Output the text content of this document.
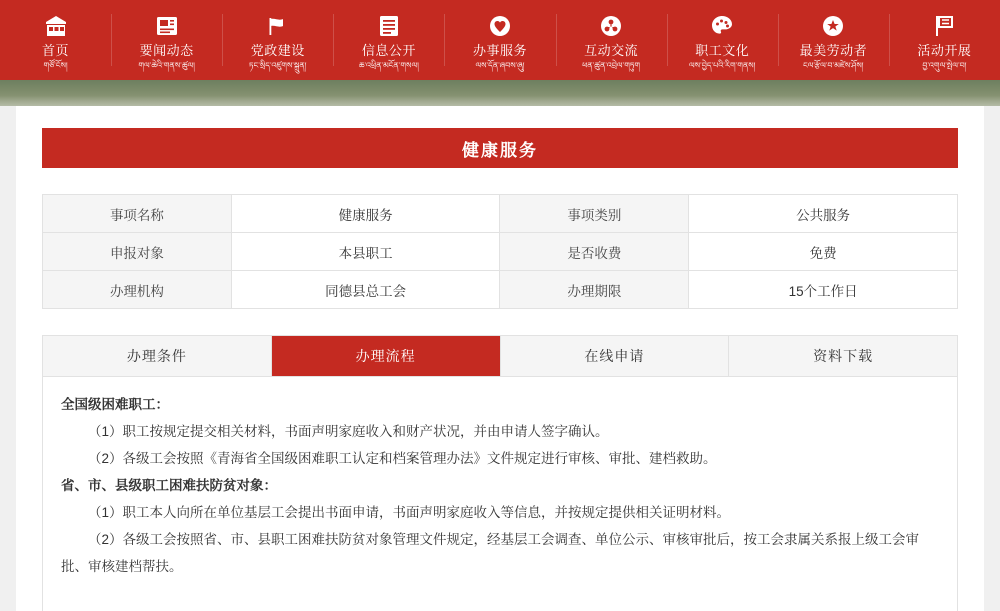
首页
གཙོ་ངོས།
要闻动态
གལ་ཆེའི་གནས་ཚུལ།
党政建设
ཏང་སྲིད་འཛུགས་སྐྲུན།
信息公开
ཆ་འཕྲིན་མངོན་གསལ།
办事服务
ལས་དོན་ཞབས་ཞུ།
互动交流
ཕན་ཚུན་འབྲེལ་གཏུག
职工文化
ལས་བྱེད་པའི་རིག་གནས།
最美劳动者
ངལ་རྩོལ་བ་མཛེས་ཤོས།
活动开展
བྱ་འགུལ་སྤེལ་བ།
健康服务
事项名称	健康服务	事项类别	公共服务
申报对象	本县职工	是否收费	免费
办理机构	同德县总工会	办理期限	15个工作日
办理条件	办理流程	在线申请	资料下载

全国级困难职工：

（1）职工按规定提交相关材料，书面声明家庭收入和财产状况，并由申请人签字确认。

（2）各级工会按照《青海省全国级困难职工认定和档案管理办法》文件规定进行审核、审批、建档救助。

省、市、县级职工困难扶防贫对象：

（1）职工本人向所在单位基层工会提出书面申请，书面声明家庭收入等信息，并按规定提供相关证明材料。

（2）各级工会按照省、市、县职工困难扶防贫对象管理文件规定，经基层工会调查、单位公示、审核审批后，按工会隶属关系报上级工会审批、审核建档帮扶。
